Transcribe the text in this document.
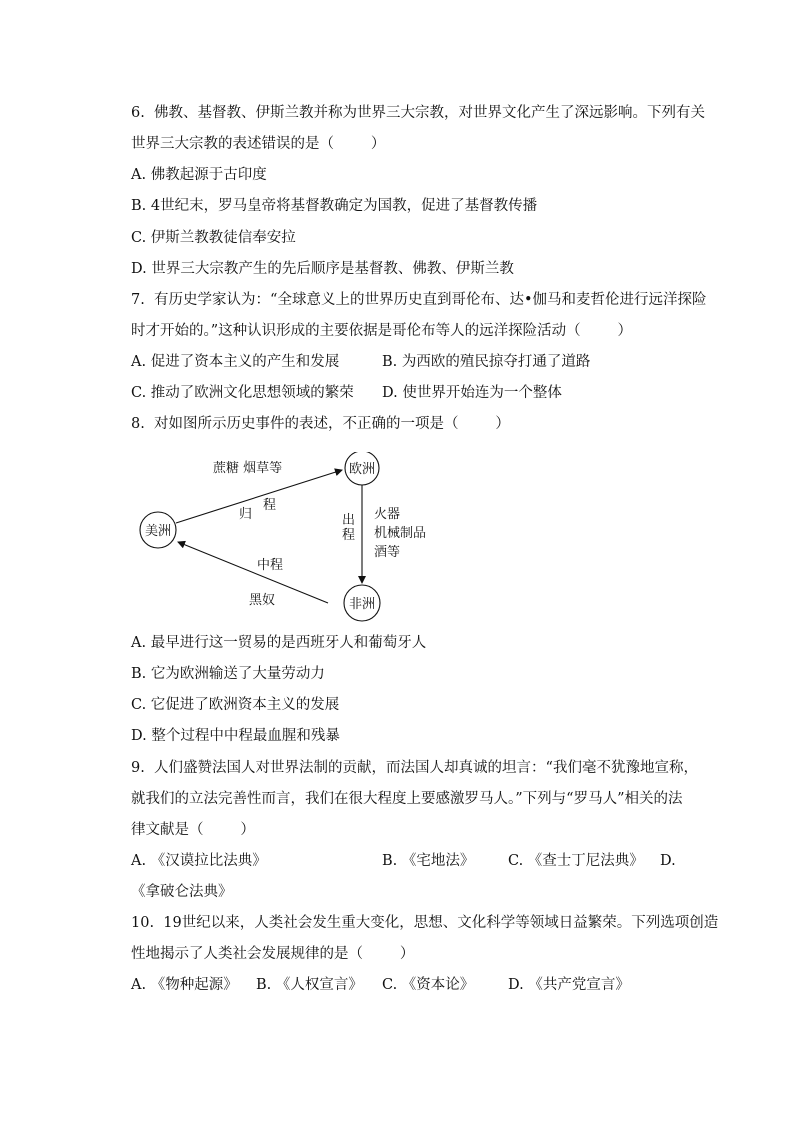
6.  佛教、基督教、伊斯兰教并称为世界三大宗教，对世界文化产生了深远影响。下列有关
世界三大宗教的表述错误的是（        ）
A. 佛教起源于古印度
B. 4世纪末，罗马皇帝将基督教确定为国教，促进了基督教传播
C. 伊斯兰教教徒信奉安拉
D. 世界三大宗教产生的先后顺序是基督教、佛教、伊斯兰教
7.  有历史学家认为：“全球意义上的世界历史直到哥伦布、达•伽马和麦哲伦进行远洋探险
时才开始的。”这种认识形成的主要依据是哥伦布等人的远洋探险活动（        ）
A. 促进了资本主义的产生和发展	B. 为西欧的殖民掠夺打通了道路
C. 推动了欧洲文化思想领域的繁荣 D. 使世界开始连为一个整体
8.  对如图所示历史事件的表述，不正确的一项是（        ）
美洲
欧洲
非洲
蔗糖 烟草等
程
归	出
程
火器
机械制品
酒等
中程
黑奴
A. 最早进行这一贸易的是西班牙人和葡萄牙人
B. 它为欧洲输送了大量劳动力
C. 它促进了欧洲资本主义的发展
D. 整个过程中中程最血腥和残暴
9.  人们盛赞法国人对世界法制的贡献，而法国人却真诚的坦言：“我们毫不犹豫地宣称，
就我们的立法完善性而言，我们在很大程度上要感激罗马人。”下列与“罗马人”相关的法
律文献是（        ）
A. 《汉谟拉比法典》	B. 《宅地法》 C. 《查士丁尼法典》 D.
《拿破仑法典》
10.  19世纪以来，人类社会发生重大变化，思想、文化科学等领域日益繁荣。下列选项创造
性地揭示了人类社会发展规律的是（        ）
A. 《物种起源》 B. 《人权宣言》 C. 《资本论》 D. 《共产党宣言》
